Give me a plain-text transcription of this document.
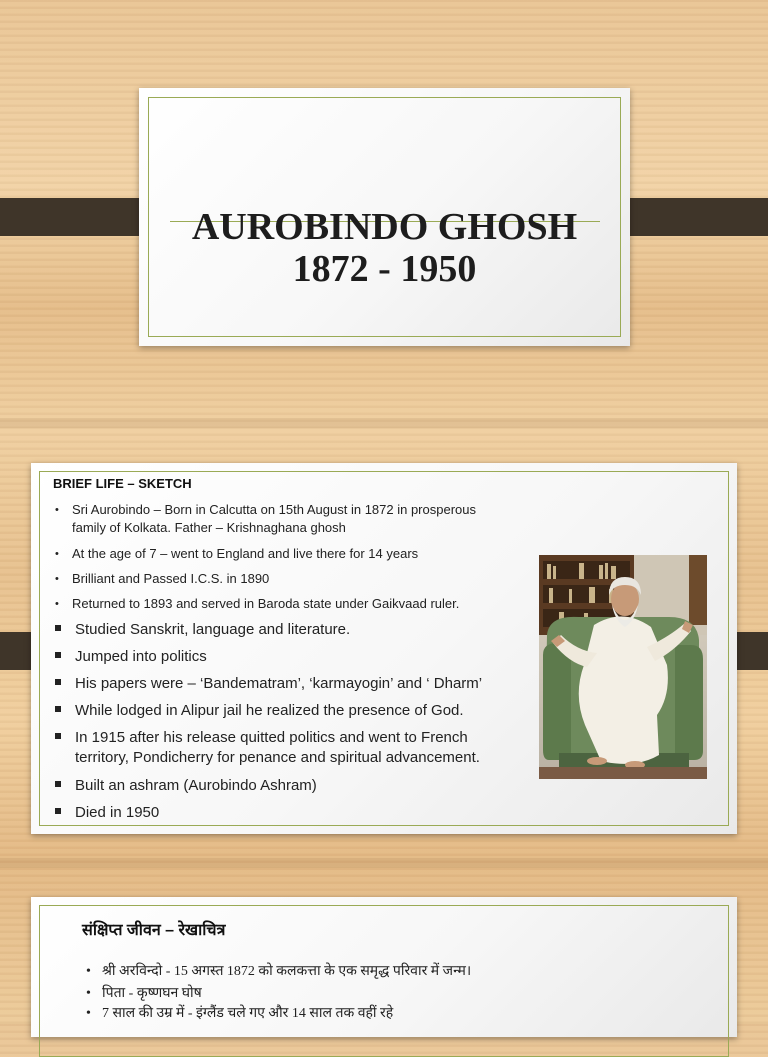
AUROBINDO GHOSH
1872 - 1950
BRIEF LIFE – SKETCH
• Sri Aurobindo – Born in Calcutta on 15th August in 1872 in prosperous
family of Kolkata. Father – Krishnaghana ghosh
• At the age of 7 – went to England and live there for 14 years
• Brilliant and Passed I.C.S. in 1890
• Returned to 1893 and served in Baroda state under Gaikvaad ruler.
Studied Sanskrit, language and literature.
Jumped into politics
His papers were – ‘Bandematram’, ‘karmayogin’ and ‘ Dharm’
While lodged in Alipur jail he realized the presence of God.
In 1915 after his release quitted politics and went to French territory, Pondicherry for penance and spiritual advancement.
Built an ashram (Aurobindo Ashram)
Died in 1950
संक्षिप्त जीवन – रेखाचित्र
• श्री अरविन्दो - 15 अगस्त 1872 को कलकत्ता के एक समृद्ध परिवार में जन्म।
• पिता - कृष्णघन घोष
• 7 साल की उम्र में - इंग्लैंड चले गए और 14 साल तक वहीं रहे
